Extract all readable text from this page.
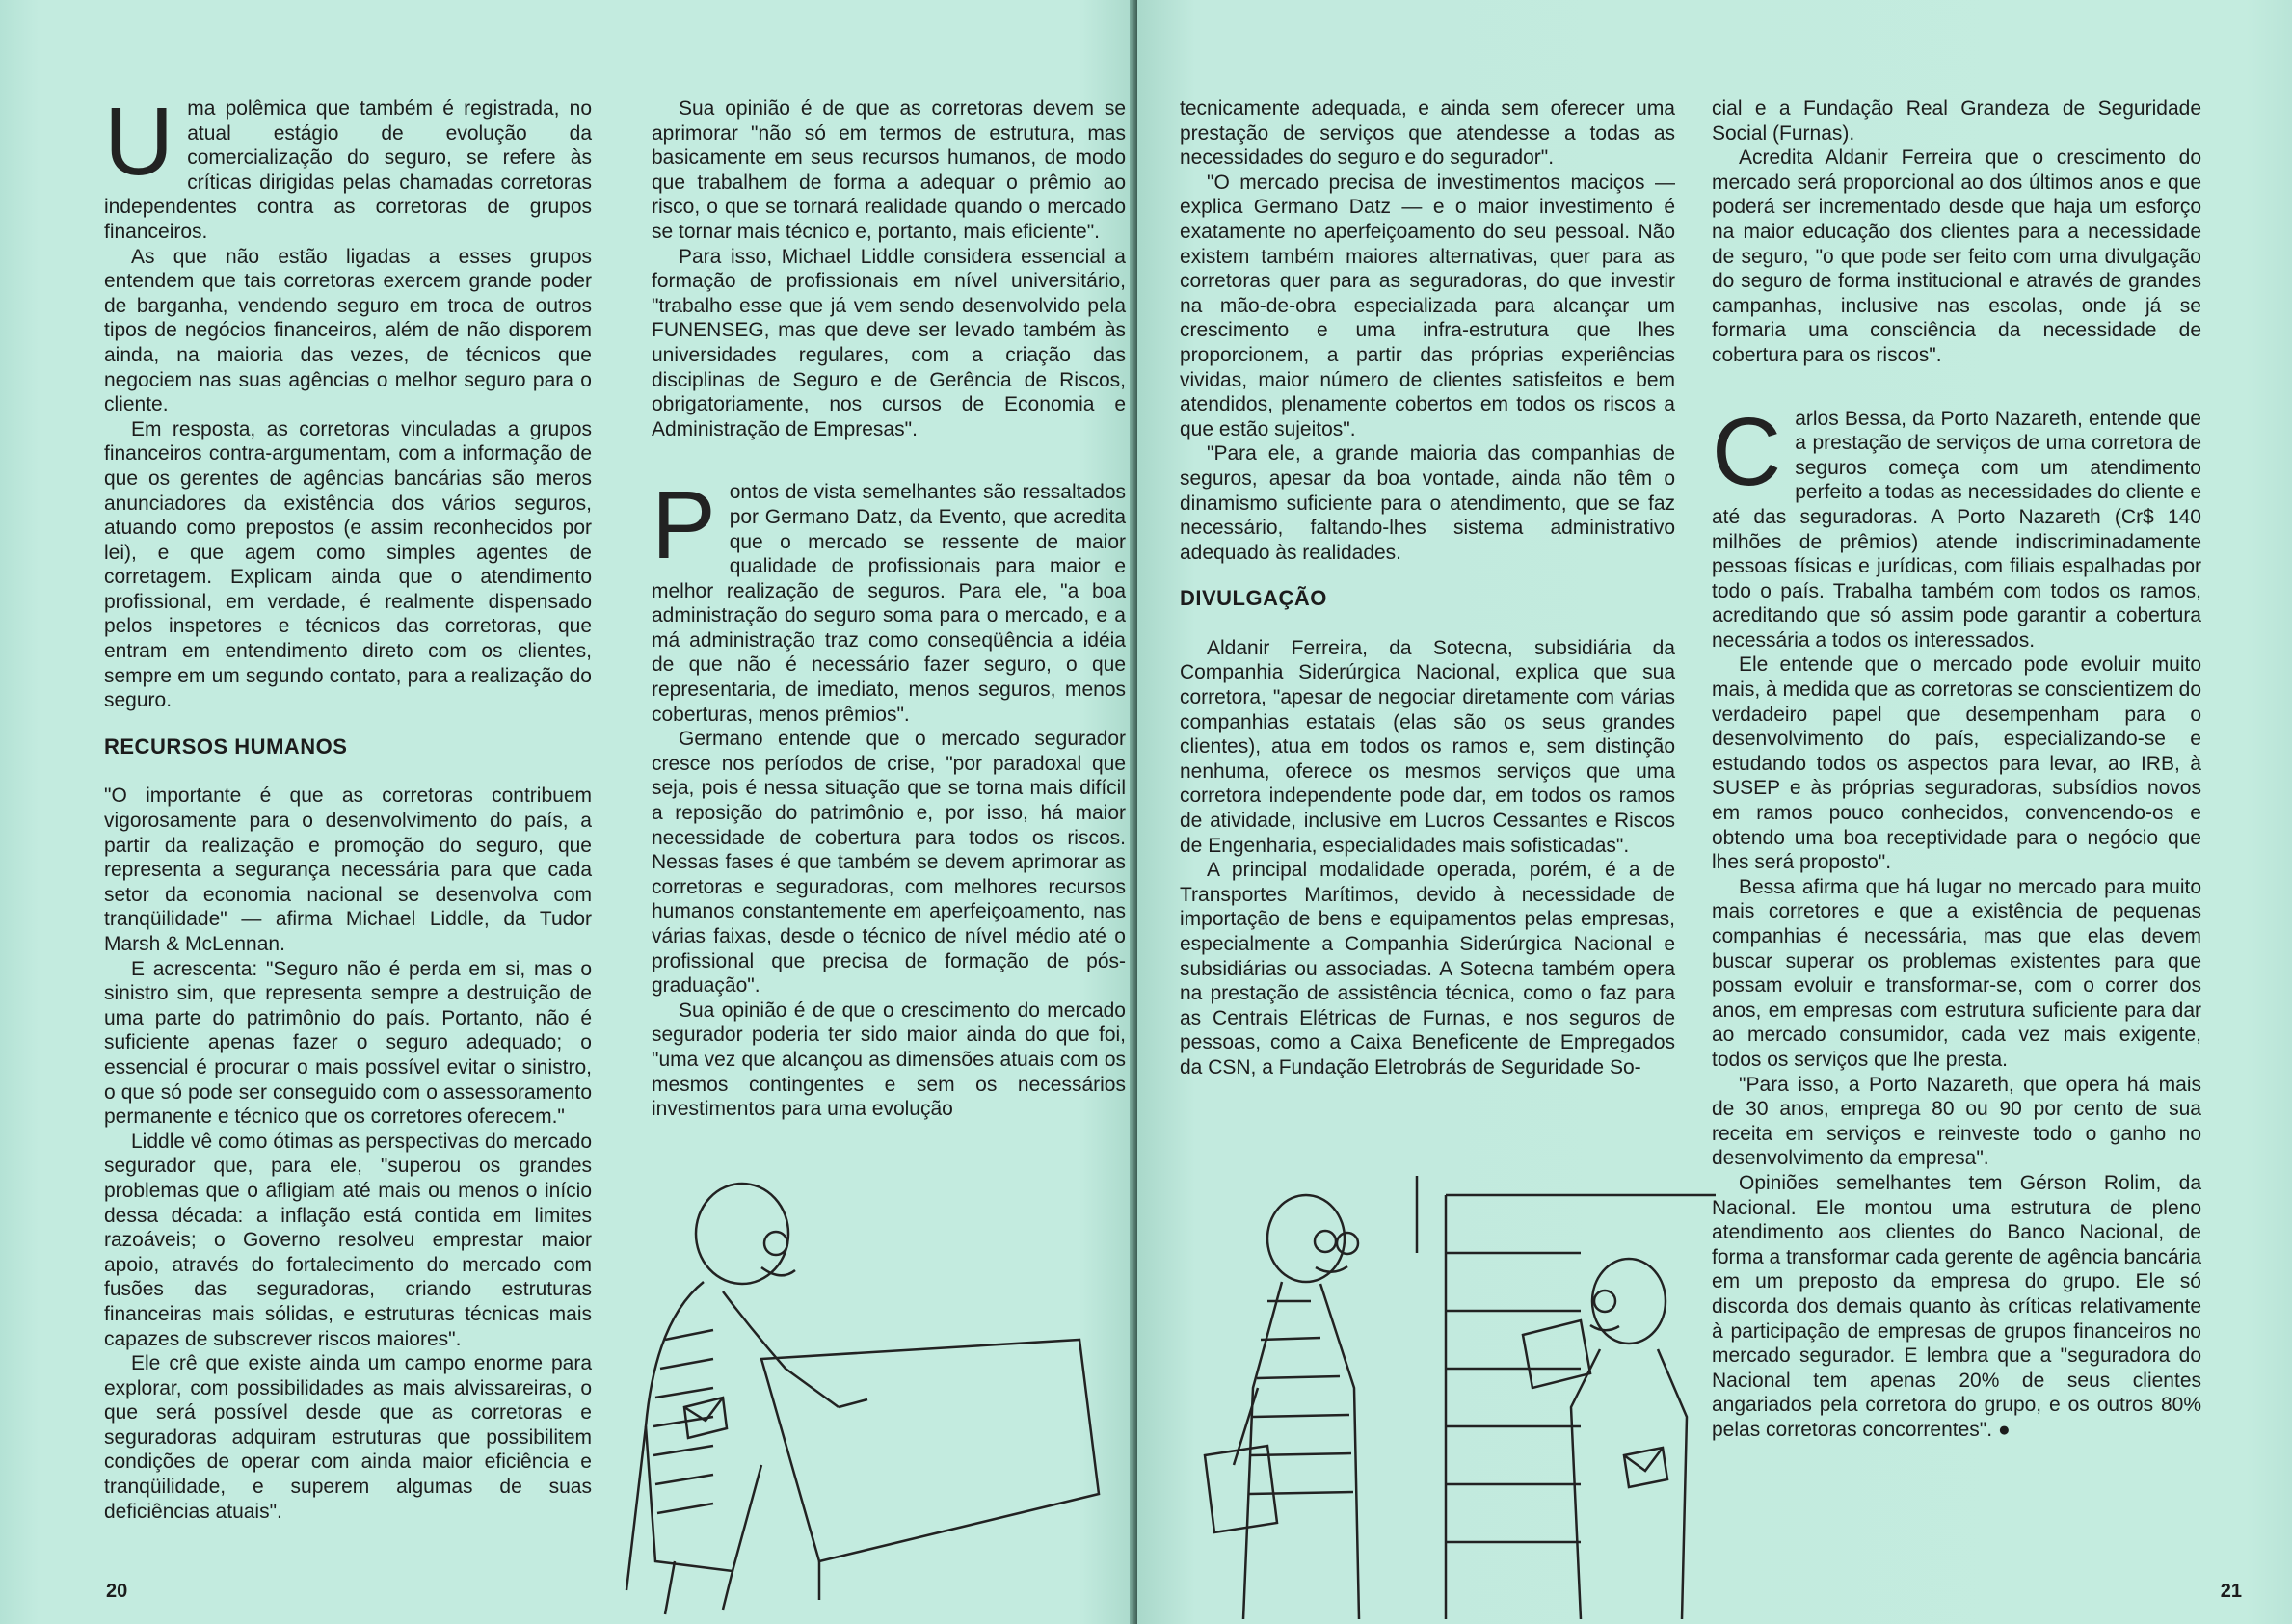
Uma polêmica que também é registrada, no atual estágio de evolução da comercialização do seguro, se refere às críticas dirigidas pelas chamadas corretoras independentes contra as corretoras de grupos financeiros.

As que não estão ligadas a esses grupos entendem que tais corretoras exercem grande poder de barganha, vendendo seguro em troca de outros tipos de negócios financeiros, além de não disporem ainda, na maioria das vezes, de técnicos que negociem nas suas agências o melhor seguro para o cliente.

Em resposta, as corretoras vinculadas a grupos financeiros contra-argumentam, com a informação de que os gerentes de agências bancárias são meros anunciadores da existência dos vários seguros, atuando como prepostos (e assim reconhecidos por lei), e que agem como simples agentes de corretagem. Explicam ainda que o atendimento profissional, em verdade, é realmente dispensado pelos inspetores e técnicos das corretoras, que entram em entendimento direto com os clientes, sempre em um segundo contato, para a realização do seguro.

RECURSOS HUMANOS

"O importante é que as corretoras contribuem vigorosamente para o desenvolvimento do país, a partir da realização e promoção do seguro, que representa a segurança necessária para que cada setor da economia nacional se desenvolva com tranqüilidade" — afirma Michael Liddle, da Tudor Marsh & McLennan.

E acrescenta: "Seguro não é perda em si, mas o sinistro sim, que representa sempre a destruição de uma parte do patrimônio do país. Portanto, não é suficiente apenas fazer o seguro adequado; o essencial é procurar o mais possível evitar o sinistro, o que só pode ser conseguido com o assessoramento permanente e técnico que os corretores oferecem."

Liddle vê como ótimas as perspectivas do mercado segurador que, para ele, "superou os grandes problemas que o afligiam até mais ou menos o início dessa década: a inflação está contida em limites razoáveis; o Governo resolveu emprestar maior apoio, através do fortalecimento do mercado com fusões das seguradoras, criando estruturas financeiras mais sólidas, e estruturas técnicas mais capazes de subscrever riscos maiores".

Ele crê que existe ainda um campo enorme para explorar, com possibilidades as mais alvissareiras, o que será possível desde que as corretoras e seguradoras adquiram estruturas que possibilitem condições de operar com ainda maior eficiência e tranqüilidade, e superem algumas de suas deficiências atuais".

Sua opinião é de que as corretoras devem se aprimorar "não só em termos de estrutura, mas basicamente em seus recursos humanos, de modo que trabalhem de forma a adequar o prêmio ao risco, o que se tornará realidade quando o mercado se tornar mais técnico e, portanto, mais eficiente".

Para isso, Michael Liddle considera essencial a formação de profissionais em nível universitário, "trabalho esse que já vem sendo desenvolvido pela FUNENSEG, mas que deve ser levado também às universidades regulares, com a criação das disciplinas de Seguro e de Gerência de Riscos, obrigatoriamente, nos cursos de Economia e Administração de Empresas".

Pontos de vista semelhantes são ressaltados por Germano Datz, da Evento, que acredita que o mercado se ressente de maior qualidade de profissionais para maior e melhor realização de seguros. Para ele, "a boa administração do seguro soma para o mercado, e a má administração traz como conseqüência a idéia de que não é necessário fazer seguro, o que representaria, de imediato, menos seguros, menos coberturas, menos prêmios".

Germano entende que o mercado segurador cresce nos períodos de crise, "por paradoxal que seja, pois é nessa situação que se torna mais difícil a reposição do patrimônio e, por isso, há maior necessidade de cobertura para todos os riscos. Nessas fases é que também se devem aprimorar as corretoras e seguradoras, com melhores recursos humanos constantemente em aperfeiçoamento, nas várias faixas, desde o técnico de nível médio até o profissional que precisa de formação de pós-graduação".

Sua opinião é de que o crescimento do mercado segurador poderia ter sido maior ainda do que foi, "uma vez que alcançou as dimensões atuais com os mesmos contingentes e sem os necessários investimentos para uma evolução

20

tecnicamente adequada, e ainda sem oferecer uma prestação de serviços que atendesse a todas as necessidades do seguro e do segurador".

"O mercado precisa de investimentos maciços — explica Germano Datz — e o maior investimento é exatamente no aperfeiçoamento do seu pessoal. Não existem também maiores alternativas, quer para as corretoras quer para as seguradoras, do que investir na mão-de-obra especializada para alcançar um crescimento e uma infra-estrutura que lhes proporcionem, a partir das próprias experiências vividas, maior número de clientes satisfeitos e bem atendidos, plenamente cobertos em todos os riscos a que estão sujeitos".

"Para ele, a grande maioria das companhias de seguros, apesar da boa vontade, ainda não têm o dinamismo suficiente para o atendimento, que se faz necessário, faltando-lhes sistema administrativo adequado às realidades.

DIVULGAÇÃO

Aldanir Ferreira, da Sotecna, subsidiária da Companhia Siderúrgica Nacional, explica que sua corretora, "apesar de negociar diretamente com várias companhias estatais (elas são os seus grandes clientes), atua em todos os ramos e, sem distinção nenhuma, oferece os mesmos serviços que uma corretora independente pode dar, em todos os ramos de atividade, inclusive em Lucros Cessantes e Riscos de Engenharia, especialidades mais sofisticadas".

A principal modalidade operada, porém, é a de Transportes Marítimos, devido à necessidade de importação de bens e equipamentos pelas empresas, especialmente a Companhia Siderúrgica Nacional e subsidiárias ou associadas. A Sotecna também opera na prestação de assistência técnica, como o faz para as Centrais Elétricas de Furnas, e nos seguros de pessoas, como a Caixa Beneficente de Empregados da CSN, a Fundação Eletrobrás de Seguridade So-

cial e a Fundação Real Grandeza de Seguridade Social (Furnas).

Acredita Aldanir Ferreira que o crescimento do mercado será proporcional ao dos últimos anos e que poderá ser incrementado desde que haja um esforço na maior educação dos clientes para a necessidade de seguro, "o que pode ser feito com uma divulgação do seguro de forma institucional e através de grandes campanhas, inclusive nas escolas, onde já se formaria uma consciência da necessidade de cobertura para os riscos".

Carlos Bessa, da Porto Nazareth, entende que a prestação de serviços de uma corretora de seguros começa com um atendimento perfeito a todas as necessidades do cliente e até das seguradoras. A Porto Nazareth (Cr$ 140 milhões de prêmios) atende indiscriminadamente pessoas físicas e jurídicas, com filiais espalhadas por todo o país. Trabalha também com todos os ramos, acreditando que só assim pode garantir a cobertura necessária a todos os interessados.

Ele entende que o mercado pode evoluir muito mais, à medida que as corretoras se conscientizem do verdadeiro papel que desempenham para o desenvolvimento do país, especializando-se e estudando todos os aspectos para levar, ao IRB, à SUSEP e às próprias seguradoras, subsídios novos em ramos pouco conhecidos, convencendo-os e obtendo uma boa receptividade para o negócio que lhes será proposto".

Bessa afirma que há lugar no mercado para muito mais corretores e que a existência de pequenas companhias é necessária, mas que elas devem buscar superar os problemas existentes para que possam evoluir e transformar-se, com o correr dos anos, em empresas com estrutura suficiente para dar ao mercado consumidor, cada vez mais exigente, todos os serviços que lhe presta.

"Para isso, a Porto Nazareth, que opera há mais de 30 anos, emprega 80 ou 90 por cento de sua receita em serviços e reinveste todo o ganho no desenvolvimento da empresa".

Opiniões semelhantes tem Gérson Rolim, da Nacional. Ele montou uma estrutura de pleno atendimento aos clientes do Banco Nacional, de forma a transformar cada gerente de agência bancária em um preposto da empresa do grupo. Ele só discorda dos demais quanto às críticas relativamente à participação de empresas de grupos financeiros no mercado segurador. E lembra que a "seguradora do Nacional tem apenas 20% de seus clientes angariados pela corretora do grupo, e os outros 80% pelas corretoras concorrentes". ●

21
